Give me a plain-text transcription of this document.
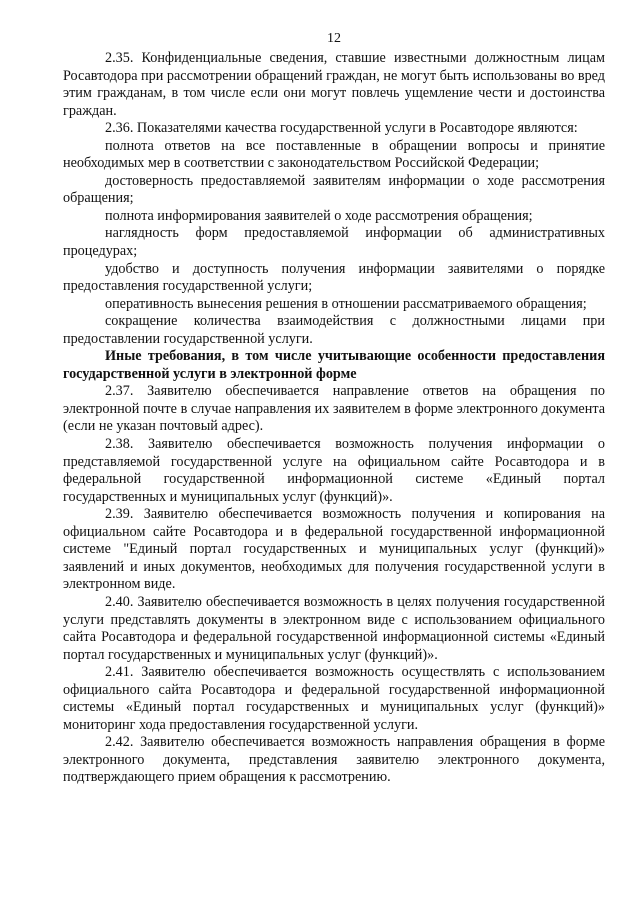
12

2.35. Конфиденциальные сведения, ставшие известными должностным лицам Росавтодора при рассмотрении обращений граждан, не могут быть использованы во вред этим гражданам, в том числе если они могут повлечь ущемление чести и достоинства граждан.

2.36. Показателями качества государственной услуги в Росавтодоре являются:

полнота ответов на все поставленные в обращении вопросы и принятие необходимых мер в соответствии с законодательством Российской Федерации;

достоверность предоставляемой заявителям информации о ходе рассмотрения обращения;

полнота информирования заявителей о ходе рассмотрения обращения;

наглядность форм предоставляемой информации об административных процедурах;

удобство и доступность получения информации заявителями о порядке предоставления государственной услуги;

оперативность вынесения решения в отношении рассматриваемого обращения;

сокращение количества взаимодействия с должностными лицами при предоставлении государственной услуги.

Иные требования, в том числе учитывающие особенности предоставления государственной услуги в электронной форме

2.37. Заявителю обеспечивается направление ответов на обращения по электронной почте в случае направления их заявителем в форме электронного документа (если не указан почтовый адрес).

2.38. Заявителю обеспечивается возможность получения информации о представляемой государственной услуге на официальном сайте Росавтодора и в федеральной государственной информационной системе «Единый портал государственных и муниципальных услуг (функций)».

2.39. Заявителю обеспечивается возможность получения и копирования на официальном сайте Росавтодора и в федеральной государственной информационной системе "Единый портал государственных и муниципальных услуг (функций)» заявлений и иных документов, необходимых для получения государственной услуги в электронном виде.

2.40. Заявителю обеспечивается возможность в целях получения государственной услуги представлять документы в электронном виде с использованием официального сайта Росавтодора и федеральной государственной информационной системы «Единый портал государственных и муниципальных услуг (функций)».

2.41. Заявителю обеспечивается возможность осуществлять с использованием официального сайта Росавтодора и федеральной государственной информационной системы «Единый портал государственных и муниципальных услуг (функций)» мониторинг хода предоставления государственной услуги.

2.42. Заявителю обеспечивается возможность направления обращения в форме электронного документа, представления заявителю электронного документа, подтверждающего прием обращения к рассмотрению.
